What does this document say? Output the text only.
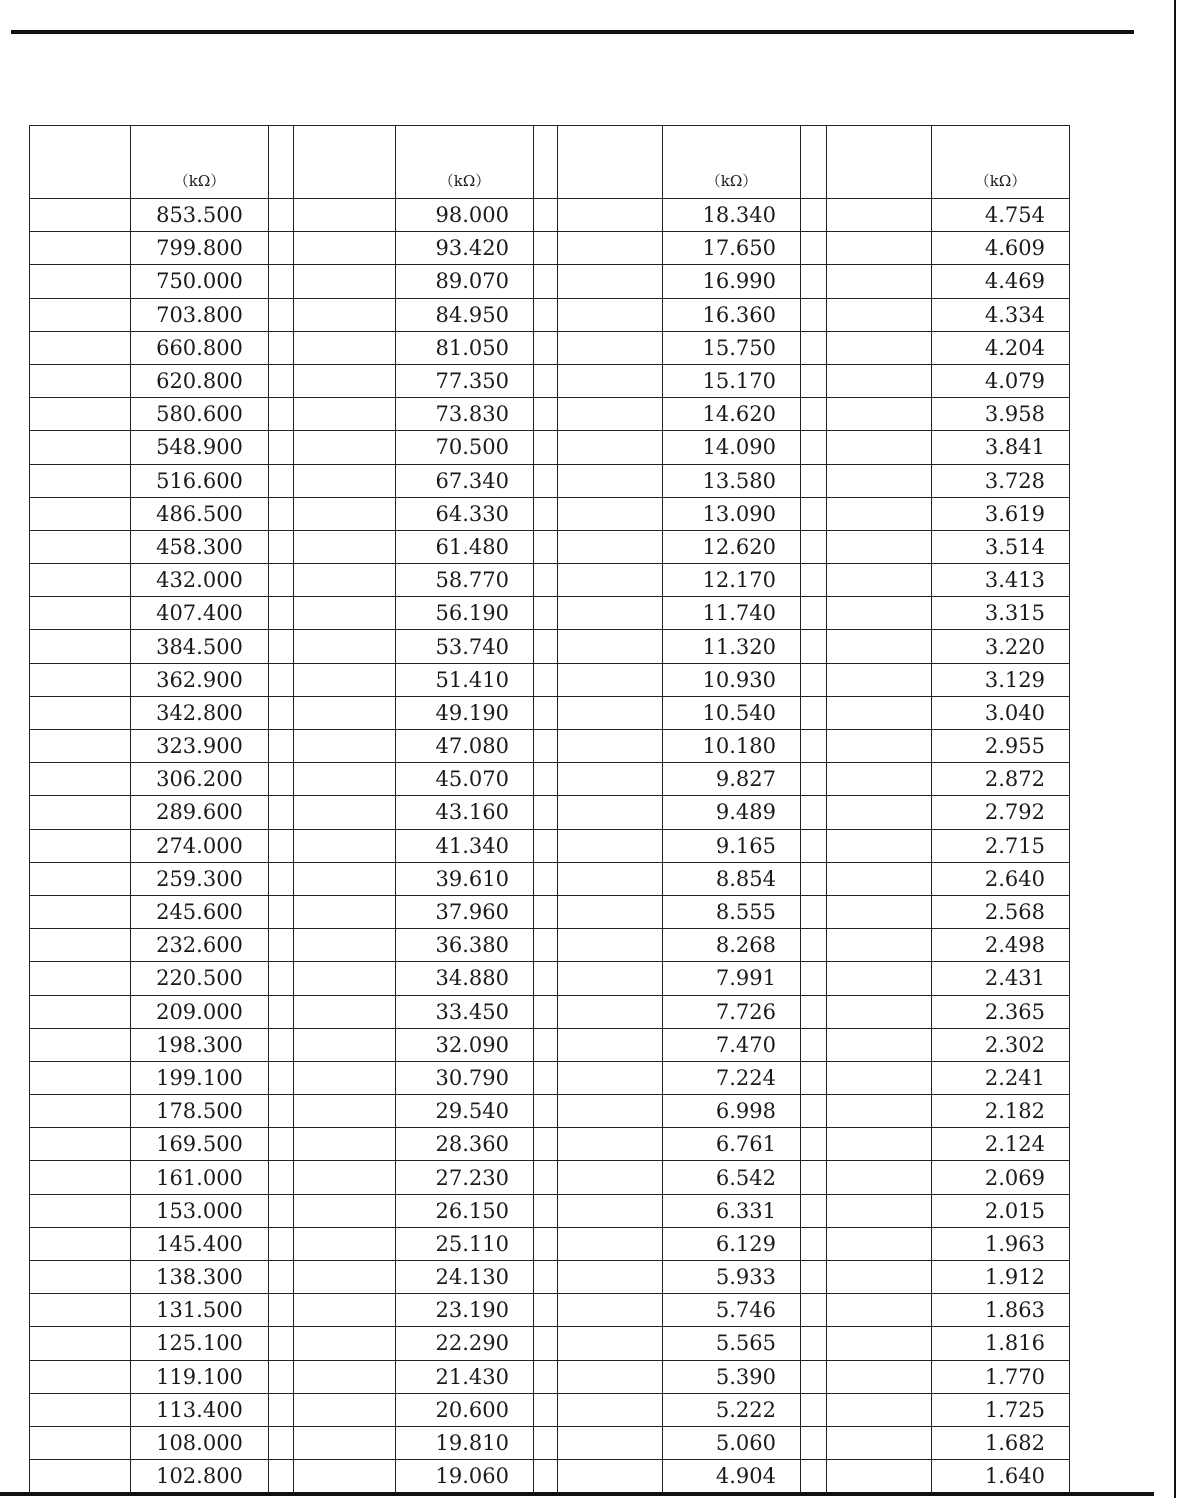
	（kΩ）			（kΩ）			（kΩ）			（kΩ）
	853.500			98.000			18.340			4.754
	799.800			93.420			17.650			4.609
	750.000			89.070			16.990			4.469
	703.800			84.950			16.360			4.334
	660.800			81.050			15.750			4.204
	620.800			77.350			15.170			4.079
	580.600			73.830			14.620			3.958
	548.900			70.500			14.090			3.841
	516.600			67.340			13.580			3.728
	486.500			64.330			13.090			3.619
	458.300			61.480			12.620			3.514
	432.000			58.770			12.170			3.413
	407.400			56.190			11.740			3.315
	384.500			53.740			11.320			3.220
	362.900			51.410			10.930			3.129
	342.800			49.190			10.540			3.040
	323.900			47.080			10.180			2.955
	306.200			45.070			9.827			2.872
	289.600			43.160			9.489			2.792
	274.000			41.340			9.165			2.715
	259.300			39.610			8.854			2.640
	245.600			37.960			8.555			2.568
	232.600			36.380			8.268			2.498
	220.500			34.880			7.991			2.431
	209.000			33.450			7.726			2.365
	198.300			32.090			7.470			2.302
	199.100			30.790			7.224			2.241
	178.500			29.540			6.998			2.182
	169.500			28.360			6.761			2.124
	161.000			27.230			6.542			2.069
	153.000			26.150			6.331			2.015
	145.400			25.110			6.129			1.963
	138.300			24.130			5.933			1.912
	131.500			23.190			5.746			1.863
	125.100			22.290			5.565			1.816
	119.100			21.430			5.390			1.770
	113.400			20.600			5.222			1.725
	108.000			19.810			5.060			1.682
	102.800			19.060			4.904			1.640
